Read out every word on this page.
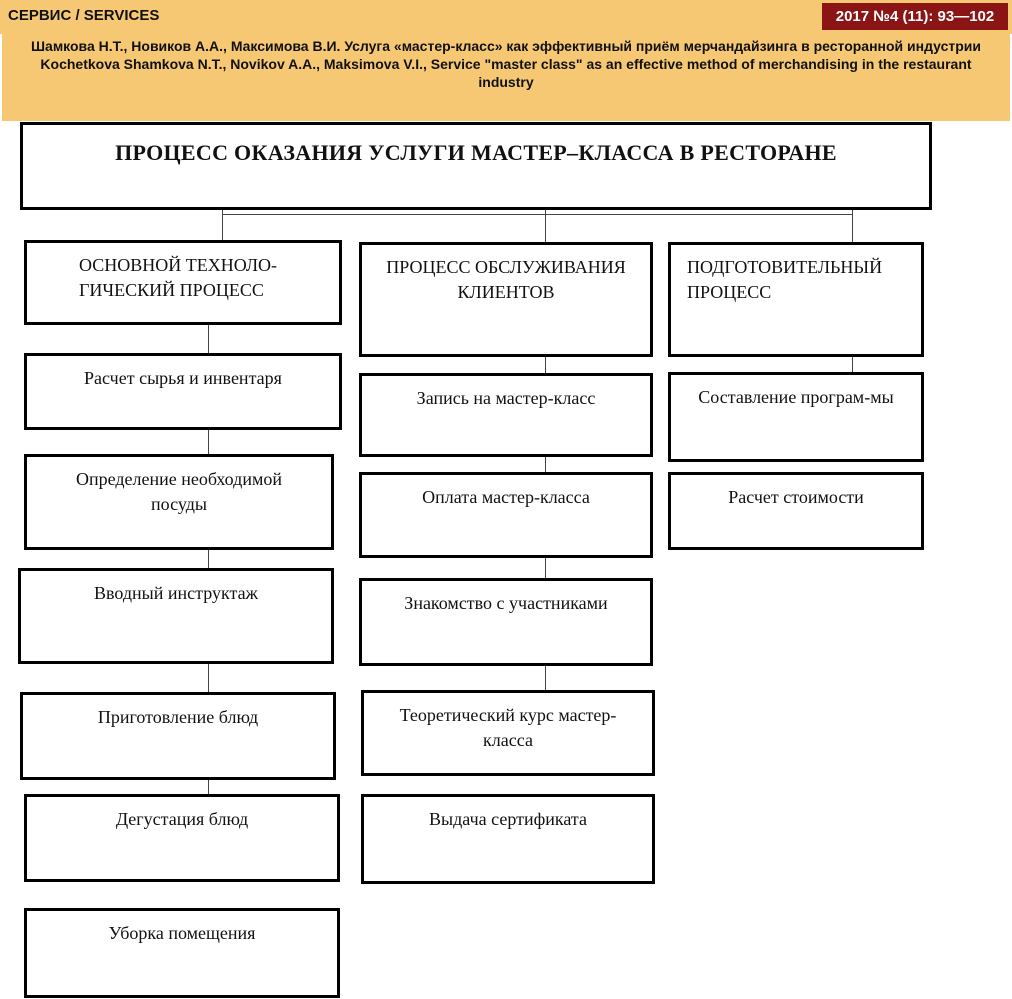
СЕРВИС / SERVICES	2017 №4 (11): 93—102

Шамкова Н.Т., Новиков А.А., Максимова В.И. Услуга «мастер-класс» как эффективный приём мерчандайзинга в ресторанной индустрии

Kochetkova Shamkova N.T., Novikov A.A., Maksimova V.I., Service "master class" as an effective method of merchandising in the restaurant industry

ПРОЦЕСС ОКАЗАНИЯ УСЛУГИ МАСТЕР–КЛАССА В РЕСТОРАНЕ
ОСНОВНОЙ ТЕХНОЛО-ГИЧЕСКИЙ ПРОЦЕСС
Расчет сырья и инвентаря
Определение необходимой посуды
Вводный инструктаж
Приготовление блюд
Дегустация блюд
Уборка помещения
ПРОЦЕСС ОБСЛУЖИВАНИЯ КЛИЕНТОВ
Запись на мастер-класс
Оплата мастер-класса
Знакомство с участниками
Теоретический курс мастер-класса
Выдача сертификата
ПОДГОТОВИТЕЛЬНЫЙ ПРОЦЕСС
Составление програм-мы
Расчет стоимости
